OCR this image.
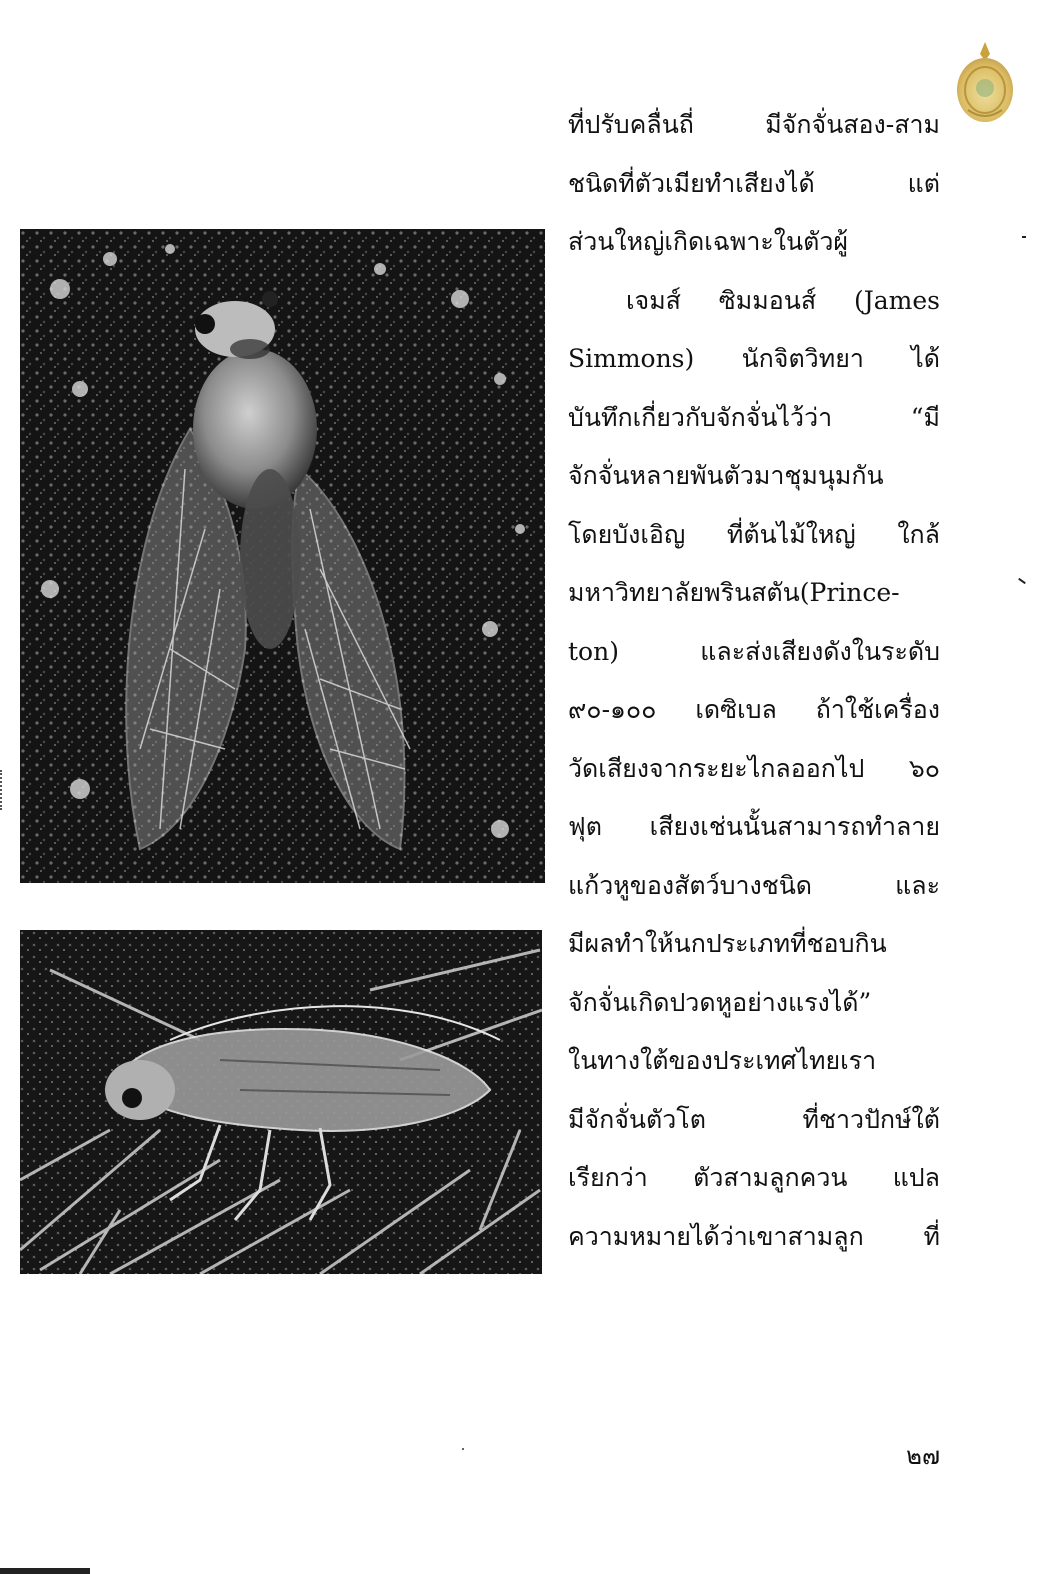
ที่ปรับคลื่นถี่ มีจักจั่นสอง-สาม
ชนิดที่ตัวเมียทำเสียงได้ แต่
ส่วนใหญ่เกิดเฉพาะในตัวผู้
เจมส์ ซิมมอนส์ (James
Simmons) นักจิตวิทยา ได้
บันทึกเกี่ยวกับจักจั่นไว้ว่า “มี
จักจั่นหลายพันตัวมาชุมนุมกัน
โดยบังเอิญ ที่ต้นไม้ใหญ่ ใกล้
มหาวิทยาลัยพรินสตัน(Prince-
ton) และส่งเสียงดังในระดับ
๙๐-๑๐๐ เดซิเบล ถ้าใช้เครื่อง
วัดเสียงจากระยะไกลออกไป ๖๐
ฟุต เสียงเช่นนั้นสามารถทำลาย
แก้วหูของสัตว์บางชนิด และ
มีผลทำให้นกประเภทที่ชอบกิน
จักจั่นเกิดปวดหูอย่างแรงได้”
ในทางใต้ของประเทศไทยเรา
มีจักจั่นตัวโต ที่ชาวปักษ์ใต้
เรียกว่า ตัวสามลูกควน แปล
ความหมายได้ว่าเขาสามลูก ที่
๒๗
